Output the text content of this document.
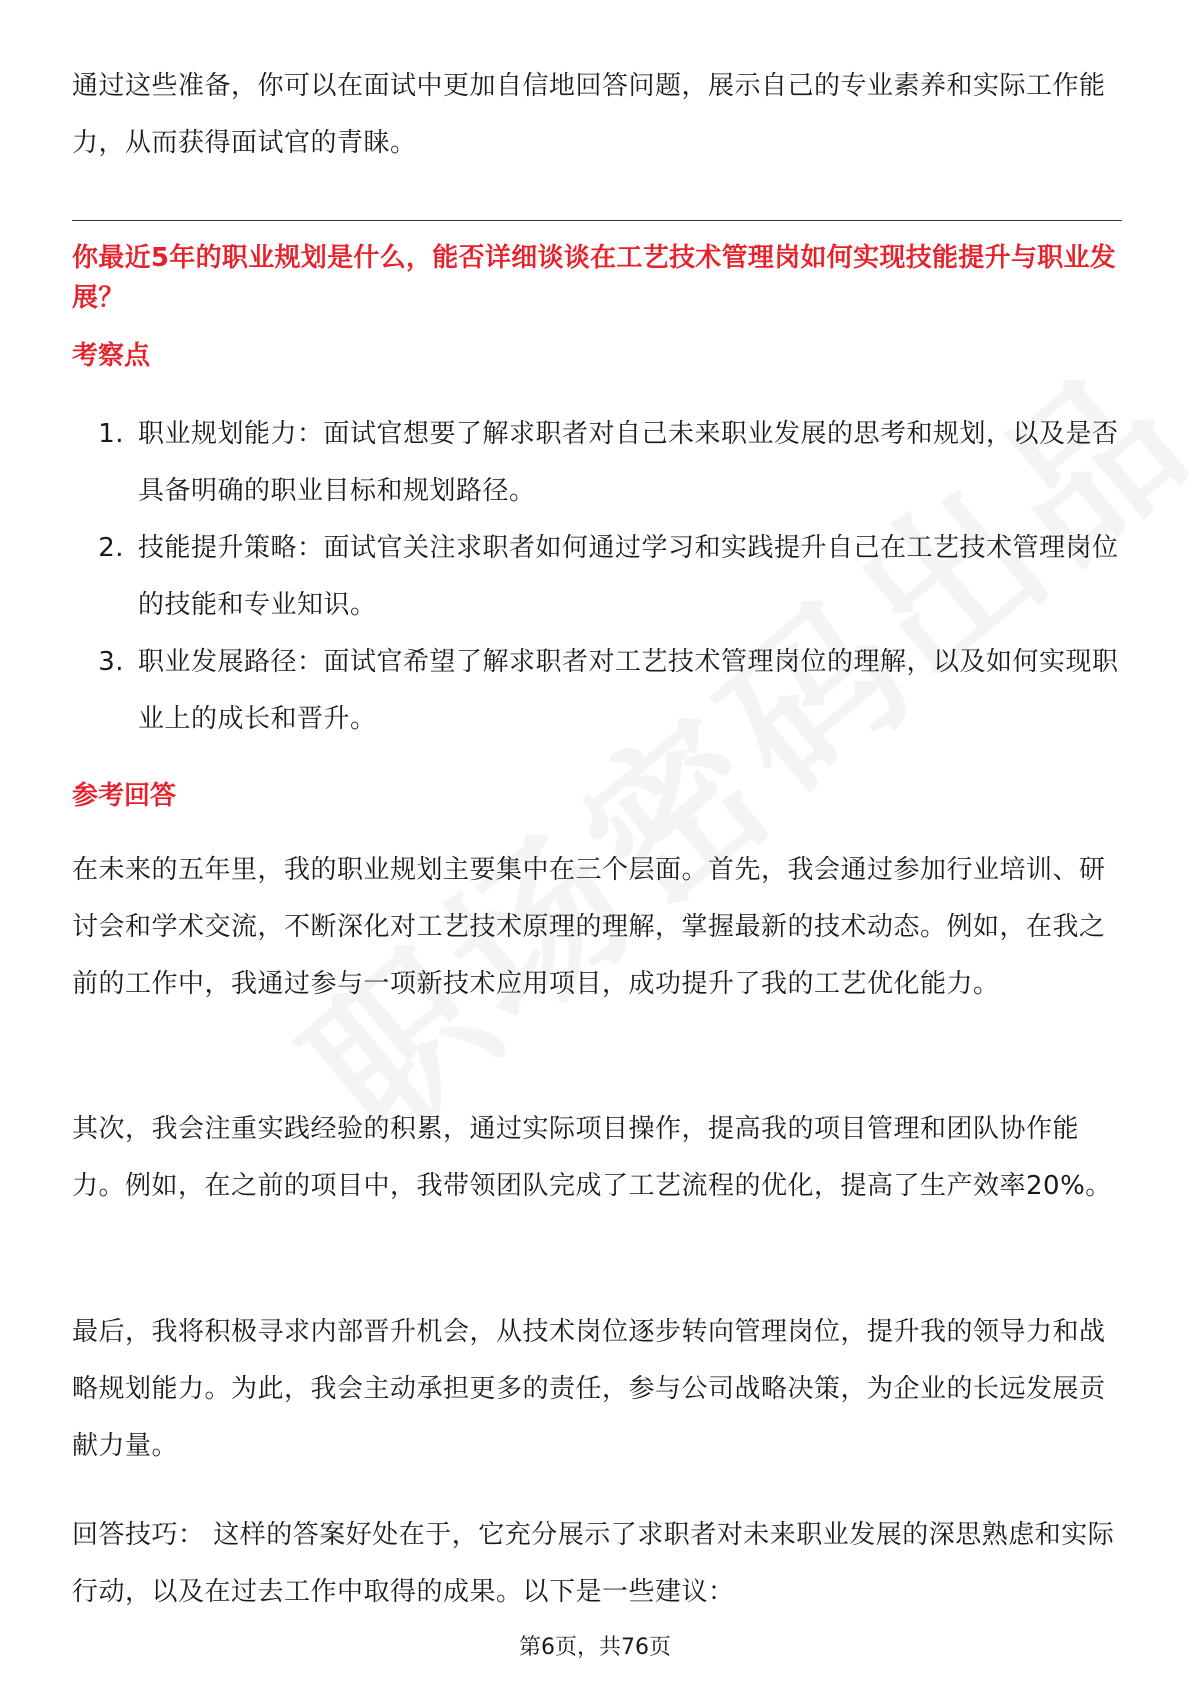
通过这些准备，你可以在面试中更加自信地回答问题，展示自己的专业素养和实际工作能力，从而获得面试官的青睐。

你最近5年的职业规划是什么，能否详细谈谈在工艺技术管理岗如何实现技能提升与职业发展？

考察点

1. 职业规划能力：面试官想要了解求职者对自己未来职业发展的思考和规划，以及是否具备明确的职业目标和规划路径。
2. 技能提升策略：面试官关注求职者如何通过学习和实践提升自己在工艺技术管理岗位的技能和专业知识。
3. 职业发展路径：面试官希望了解求职者对工艺技术管理岗位的理解，以及如何实现职业上的成长和晋升。

参考回答

在未来的五年里，我的职业规划主要集中在三个层面。首先，我会通过参加行业培训、研讨会和学术交流，不断深化对工艺技术原理的理解，掌握最新的技术动态。例如，在我之前的工作中，我通过参与一项新技术应用项目，成功提升了我的工艺优化能力。

其次，我会注重实践经验的积累，通过实际项目操作，提高我的项目管理和团队协作能力。例如，在之前的项目中，我带领团队完成了工艺流程的优化，提高了生产效率20%。

最后，我将积极寻求内部晋升机会，从技术岗位逐步转向管理岗位，提升我的领导力和战略规划能力。为此，我会主动承担更多的责任，参与公司战略决策，为企业的长远发展贡献力量。

回答技巧： 这样的答案好处在于，它充分展示了求职者对未来职业发展的深思熟虑和实际行动，以及在过去工作中取得的成果。以下是一些建议：

第6页，共76页
